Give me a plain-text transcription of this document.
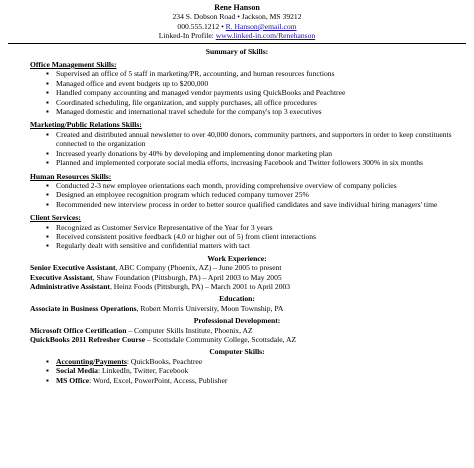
Rene Hanson
234 S. Dobson Road • Jackson, MS 39212
000.555.1212 • R. Hanson@email.com
Linked-In Profile: www.linked-in.com/Renehanson
Summary of Skills:
Office Management Skills:
▪ Supervised an office of 5 staff in marketing/PR, accounting, and human resources functions
▪ Managed office and event budgets up to $200,000
▪ Handled company accounting and managed vendor payments using QuickBooks and Peachtree
▪ Coordinated scheduling, file organization, and supply purchases, all office procedures
▪ Managed domestic and international travel schedule for the company's top 3 executives
Marketing/Public Relations Skills:
▪ Created and distributed annual newsletter to over 40,000 donors, community partners, and supporters in order to keep constituents connected to the organization
▪ Increased yearly donations by 40% by developing and implementing donor marketing plan
▪ Planned and implemented corporate social media efforts, increasing Facebook and Twitter followers 300% in six months
Human Resources Skills:
▪ Conducted 2-3 new employee orientations each month, providing comprehensive overview of company policies
▪ Designed an employee recognition program which reduced company turnover 25%
▪ Recommended new interview process in order to better source qualified candidates and save individual hiring managers' time
Client Services:
▪ Recognized as Customer Service Representative of the Year for 3 years
▪ Received consistent positive feedback (4.0 or higher out of 5) from client interactions
▪ Regularly dealt with sensitive and confidential matters with tact
Work Experience:
Senior Executive Assistant, ABC Company (Phoenix, AZ) – June 2005 to present
Executive Assistant, Shaw Foundation (Pittsburgh, PA) – April 2003 to May 2005
Administrative Assistant, Heinz Foods (Pittsburgh, PA) – March 2001 to April 2003
Education:
Associate in Business Operations, Robert Morris University, Moon Township, PA
Professional Development:
Microsoft Office Certification – Computer Skills Institute, Phoenix, AZ
QuickBooks 2011 Refresher Course – Scottsdale Community College, Scottsdale, AZ
Computer Skills:
▪ Accounting/Payments: QuickBooks, Peachtree
▪ Social Media: LinkedIn, Twitter, Facebook
▪ MS Office: Word, Excel, PowerPoint, Access, Publisher
